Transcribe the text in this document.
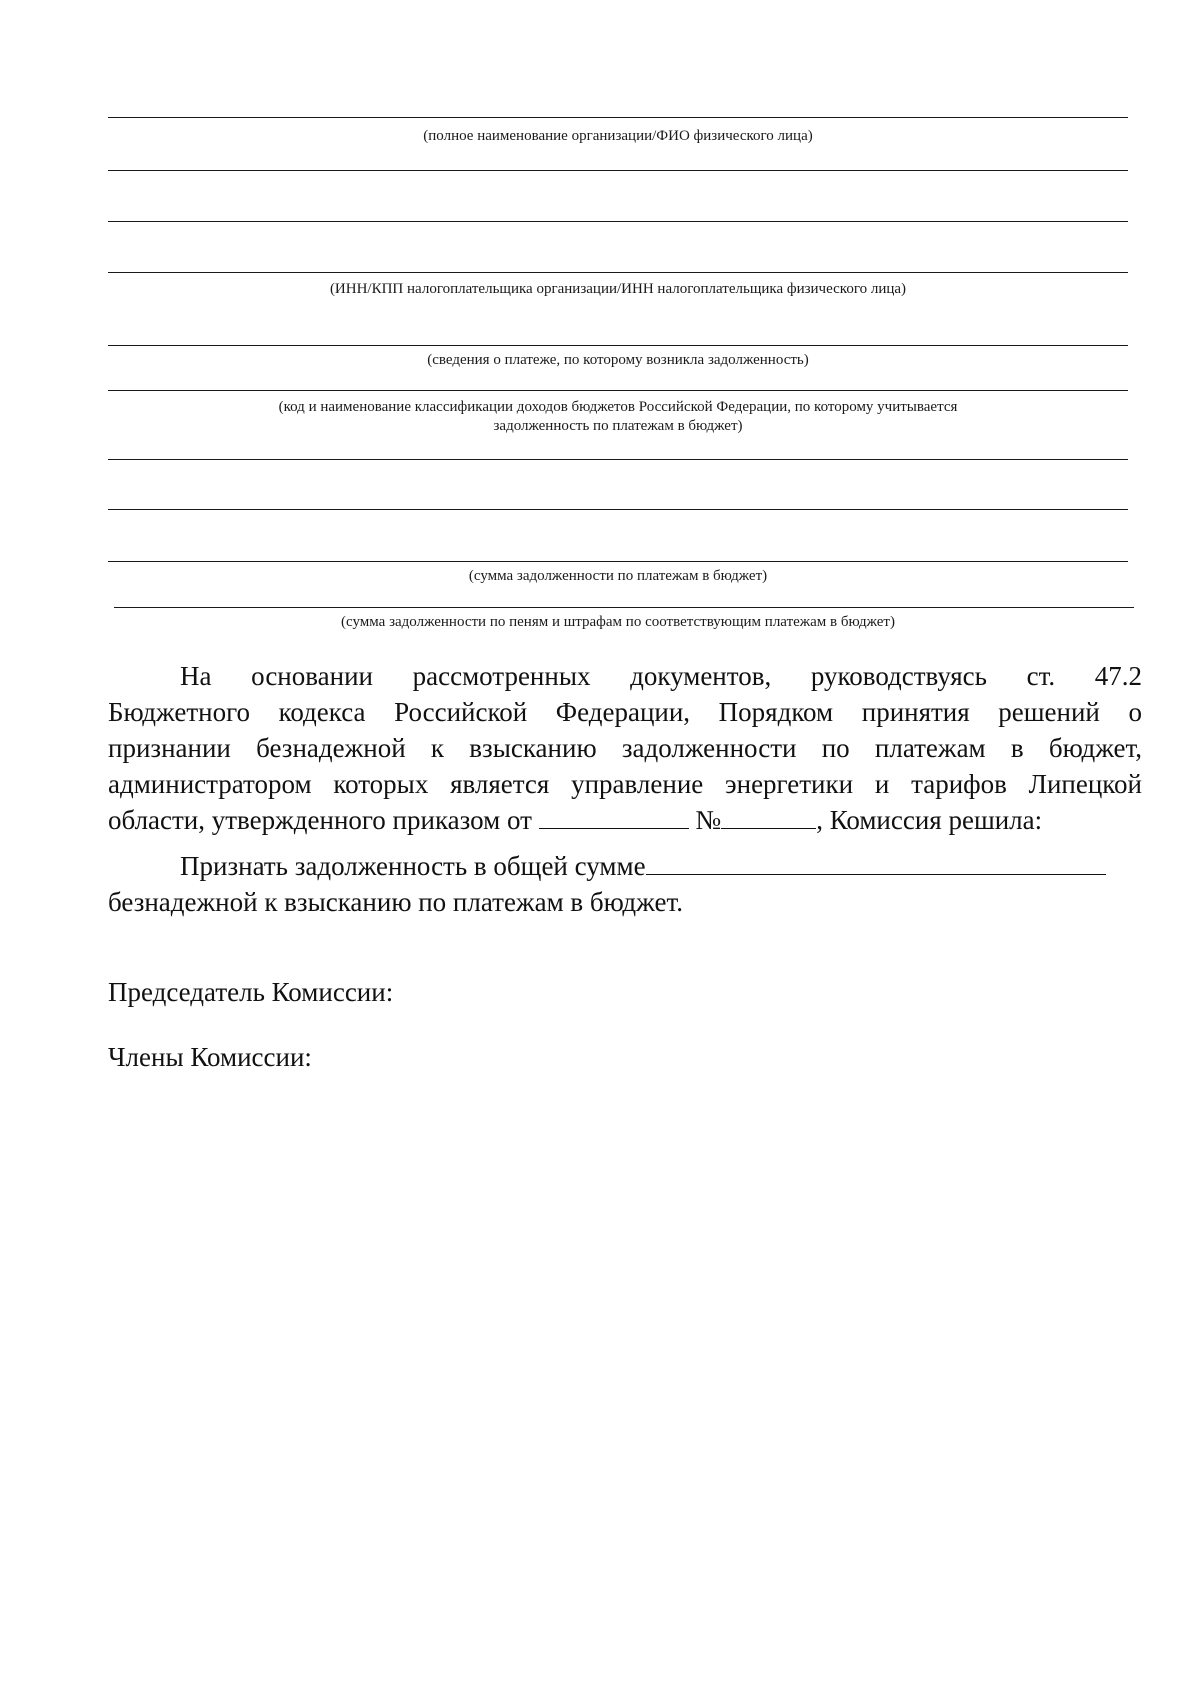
(полное наименование организации/ФИО физического лица)
(ИНН/КПП налогоплательщика организации/ИНН налогоплательщика физического лица)
(сведения о платеже, по которому возникла задолженность)
(код и наименование классификации доходов бюджетов Российской Федерации, по которому учитывается
задолженность по платежам в бюджет)
(сумма задолженности по платежам в бюджет)
(сумма задолженности по пеням и штрафам по соответствующим платежам в бюджет)
На основании рассмотренных документов, руководствуясь ст. 47.2
Бюджетного кодекса Российской Федерации, Порядком принятия решений о
признании безнадежной к взысканию задолженности по платежам в бюджет,
администратором которых является управление энергетики и тарифов Липецкой
области, утвержденного приказом от	№	, Комиссия решила:
Признать задолженность в общей сумме
безнадежной к взысканию по платежам в бюджет.
Председатель Комиссии:
Члены Комиссии:
